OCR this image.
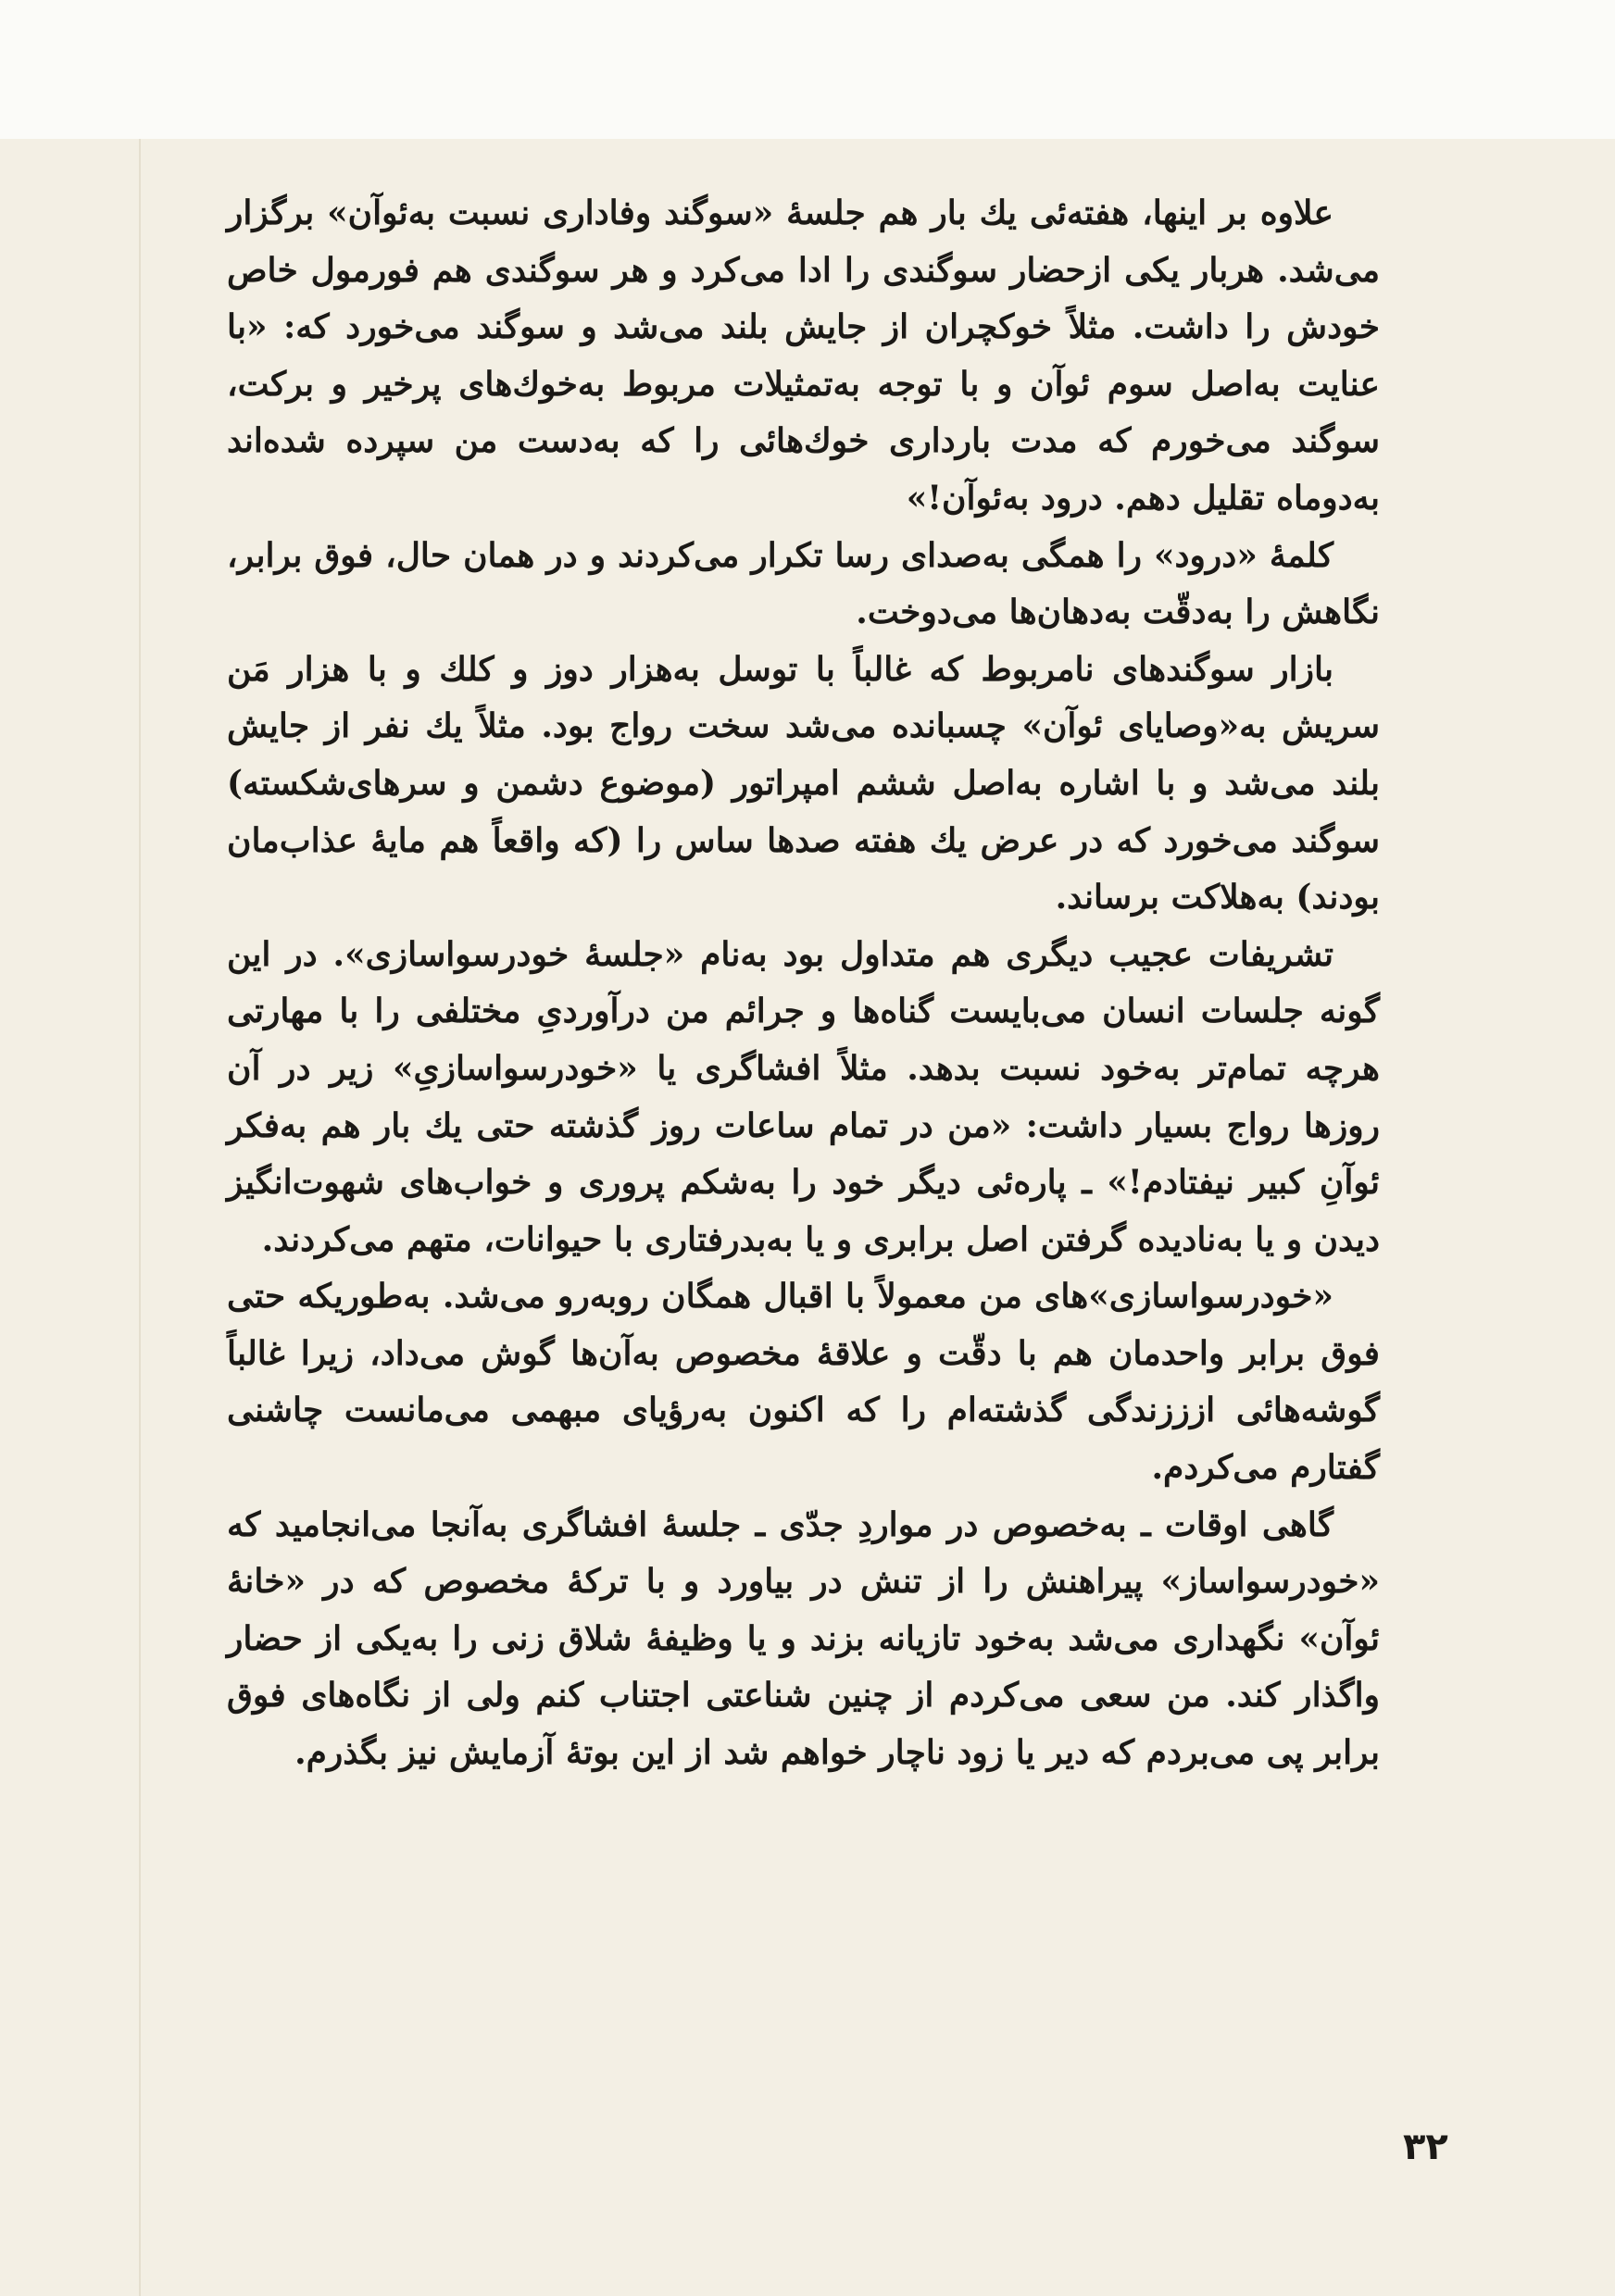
علاوه بر اینها، هفته‌ئی یك بار هم جلسهٔ «سوگند وفاداری نسبت به‌ئوآن» برگزار می‌شد. هربار یکی ازحضار سوگندی را ادا می‌کرد و هر سوگندی هم فورمول خاص خودش را داشت. مثلاً خوکچران از جایش بلند می‌شد و سوگند می‌خورد که: «با عنایت به‌اصل سوم ئوآن و با توجه به‌تمثیلات مربوط به‌خوك‌های پرخیر و برکت، سوگند می‌خورم که مدت بارداری خوك‌هائی را که به‌دست من سپرده شده‌اند به‌دوماه تقلیل دهم. درود به‌ئوآن!»

کلمهٔ «درود» را همگی به‌صدای رسا تکرار می‌کردند و در همان حال، فوق برابر، نگاهش را به‌دقّت به‌دهان‌ها می‌دوخت.

بازار سوگندهای نامربوط که غالباً با توسل به‌هزار دوز و کلك و با هزار مَن سریش به‌«وصایای ئوآن» چسبانده می‌شد سخت رواج بود. مثلاً یك نفر از جایش بلند می‌شد و با اشاره به‌اصل ششم امپراتور (موضوع دشمن و سرهای‌شکسته) سوگند می‌خورد که در عرض یك هفته صدها ساس را (که واقعاً هم مایهٔ عذاب‌مان بودند) به‌هلاکت برساند.

تشریفات عجیب دیگری هم متداول بود به‌نام «جلسهٔ خودرسواسازی». در این گونه جلسات انسان می‌بایست گناه‌ها و جرائم من درآوردیِ مختلفی را با مهارتی هرچه تمام‌تر به‌خود نسبت بدهد. مثلاً افشاگری یا «خودرسواسازیِ» زیر در آن روزها رواج بسیار داشت: «من در تمام ساعات روز گذشته حتی یك بار هم به‌فکر ئوآنِ کبیر نیفتادم!» ـ پاره‌ئی دیگر خود را به‌شکم پروری و خواب‌های شهوت‌انگیز دیدن و یا به‌نادیده گرفتن اصل برابری و یا به‌بدرفتاری با حیوانات، متهم می‌کردند.

«خودرسواسازی»های من معمولاً با اقبال همگان روبه‌رو می‌شد. به‌طوریکه حتی فوق برابر واحدمان هم با دقّت و علاقهٔ مخصوص به‌آن‌ها گوش می‌داد، زیرا غالباً گوشه‌هائی ازززندگی گذشته‌ام را که اکنون به‌رؤیای مبهمی می‌مانست چاشنی گفتارم می‌کردم.

گاهی اوقات ـ به‌خصوص در مواردِ جدّی ـ جلسهٔ افشاگری به‌آنجا می‌انجامید که «خودرسواساز» پیراهنش را از تنش در بیاورد و با ترکهٔ مخصوص که در «خانهٔ ئوآن» نگهداری می‌شد به‌خود تازیانه بزند و یا وظیفهٔ شلاق زنی را به‌یکی از حضار واگذار کند. من سعی می‌کردم از چنین شناعتی اجتناب کنم ولی از نگاه‌های فوق برابر پی می‌بردم که دیر یا زود ناچار خواهم شد از این بوتهٔ آزمایش نیز بگذرم.

۳۲
